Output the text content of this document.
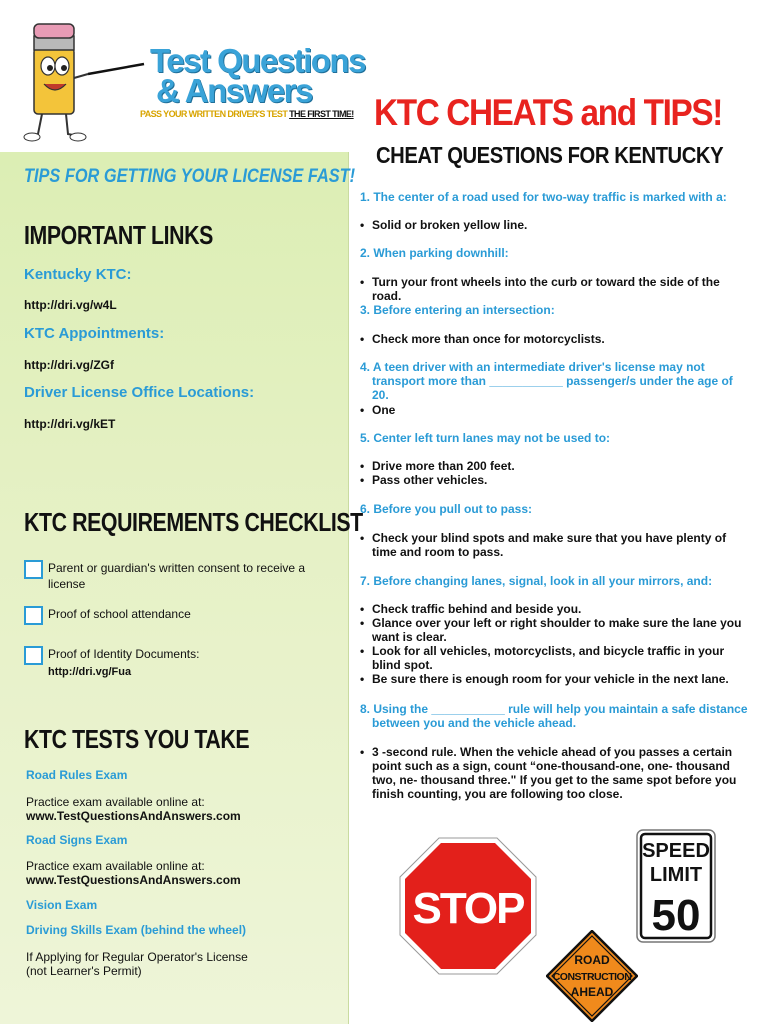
Test Questions
& Answers
PASS YOUR WRITTEN DRIVER'S TEST THE FIRST TIME! KTC CHEATS and TIPS!
CHEAT QUESTIONS FOR KENTUCKY
TIPS FOR GETTING YOUR LICENSE FAST!
IMPORTANT LINKS
Kentucky KTC:
http://dri.vg/w4L
KTC Appointments:
http://dri.vg/ZGf
Driver License Office Locations:
http://dri.vg/kET
KTC REQUIREMENTS CHECKLIST
Parent or guardian's written consent to receive a license
Proof of school attendance
Proof of Identity Documents:
http://dri.vg/Fua
KTC TESTS YOU TAKE
Road Rules Exam
Practice exam available online at:
www.TestQuestionsAndAnswers.com
Road Signs Exam
Practice exam available online at:
www.TestQuestionsAndAnswers.com
Vision Exam
Driving Skills Exam (behind the wheel)
If Applying for Regular Operator's License
(not Learner's Permit)
1. The center of a road used for two-way traffic is marked with a:
• Solid or broken yellow line.
2. When parking downhill:
• Turn your front wheels into the curb or toward the side of the road.
3. Before entering an intersection:
• Check more than once for motorcyclists.
4. A teen driver with an intermediate driver's license may not
transport more than ___________ passenger/s under the age of 20.
• One
5. Center left turn lanes may not be used to:
• Drive more than 200 feet.
• Pass other vehicles.
6. Before you pull out to pass:
• Check your blind spots and make sure that you have plenty of time and room to pass.
7. Before changing lanes, signal, look in all your mirrors, and:
• Check traffic behind and beside you.
• Glance over your left or right shoulder to make sure the lane you want is clear.
• Look for all vehicles, motorcyclists, and bicycle traffic in your blind spot.
• Be sure there is enough room for your vehicle in the next lane.
8. Using the ___________ rule will help you maintain a safe distance
between you and the vehicle ahead.
• 3 -second rule. When the vehicle ahead of you passes a certain point such as a sign, count “one-thousand-one, one- thousand two, ne- thousand three." If you get to the same spot before you finish counting, you are following too close.
STOP
SPEED
LIMIT
50
ROAD
CONSTRUCTION
AHEAD
